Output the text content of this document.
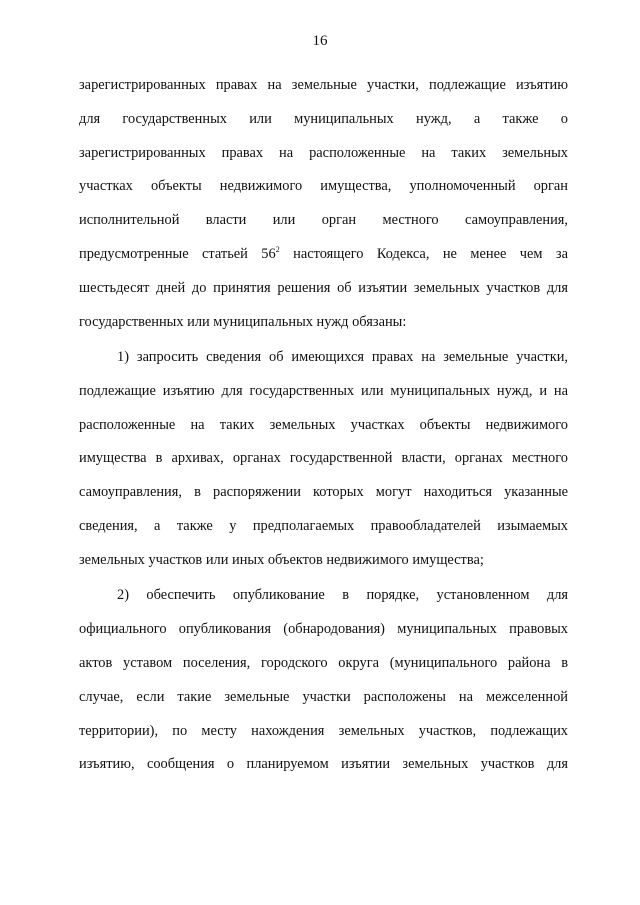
16
зарегистрированных правах на земельные участки, подлежащие изъятию
для государственных или муниципальных нужд, а также о
зарегистрированных правах на расположенные на таких земельных
участках объекты недвижимого имущества, уполномоченный орган
исполнительной власти или орган местного самоуправления,
предусмотренные статьей $56^2$ настоящего Кодекса, не менее чем за
шестьдесят дней до принятия решения об изъятии земельных участков для
государственных или муниципальных нужд обязаны:
1) запросить сведения об имеющихся правах на земельные участки,
подлежащие изъятию для государственных или муниципальных нужд, и на
расположенные на таких земельных участках объекты недвижимого
имущества в архивах, органах государственной власти, органах местного
самоуправления, в распоряжении которых могут находиться указанные
сведения, а также у предполагаемых правообладателей изымаемых
земельных участков или иных объектов недвижимого имущества;
2) обеспечить опубликование в порядке, установленном для
официального опубликования (обнародования) муниципальных правовых
актов уставом поселения, городского округа (муниципального района в
случае, если такие земельные участки расположены на межселенной
территории), по месту нахождения земельных участков, подлежащих
изъятию, сообщения о планируемом изъятии земельных участков для
